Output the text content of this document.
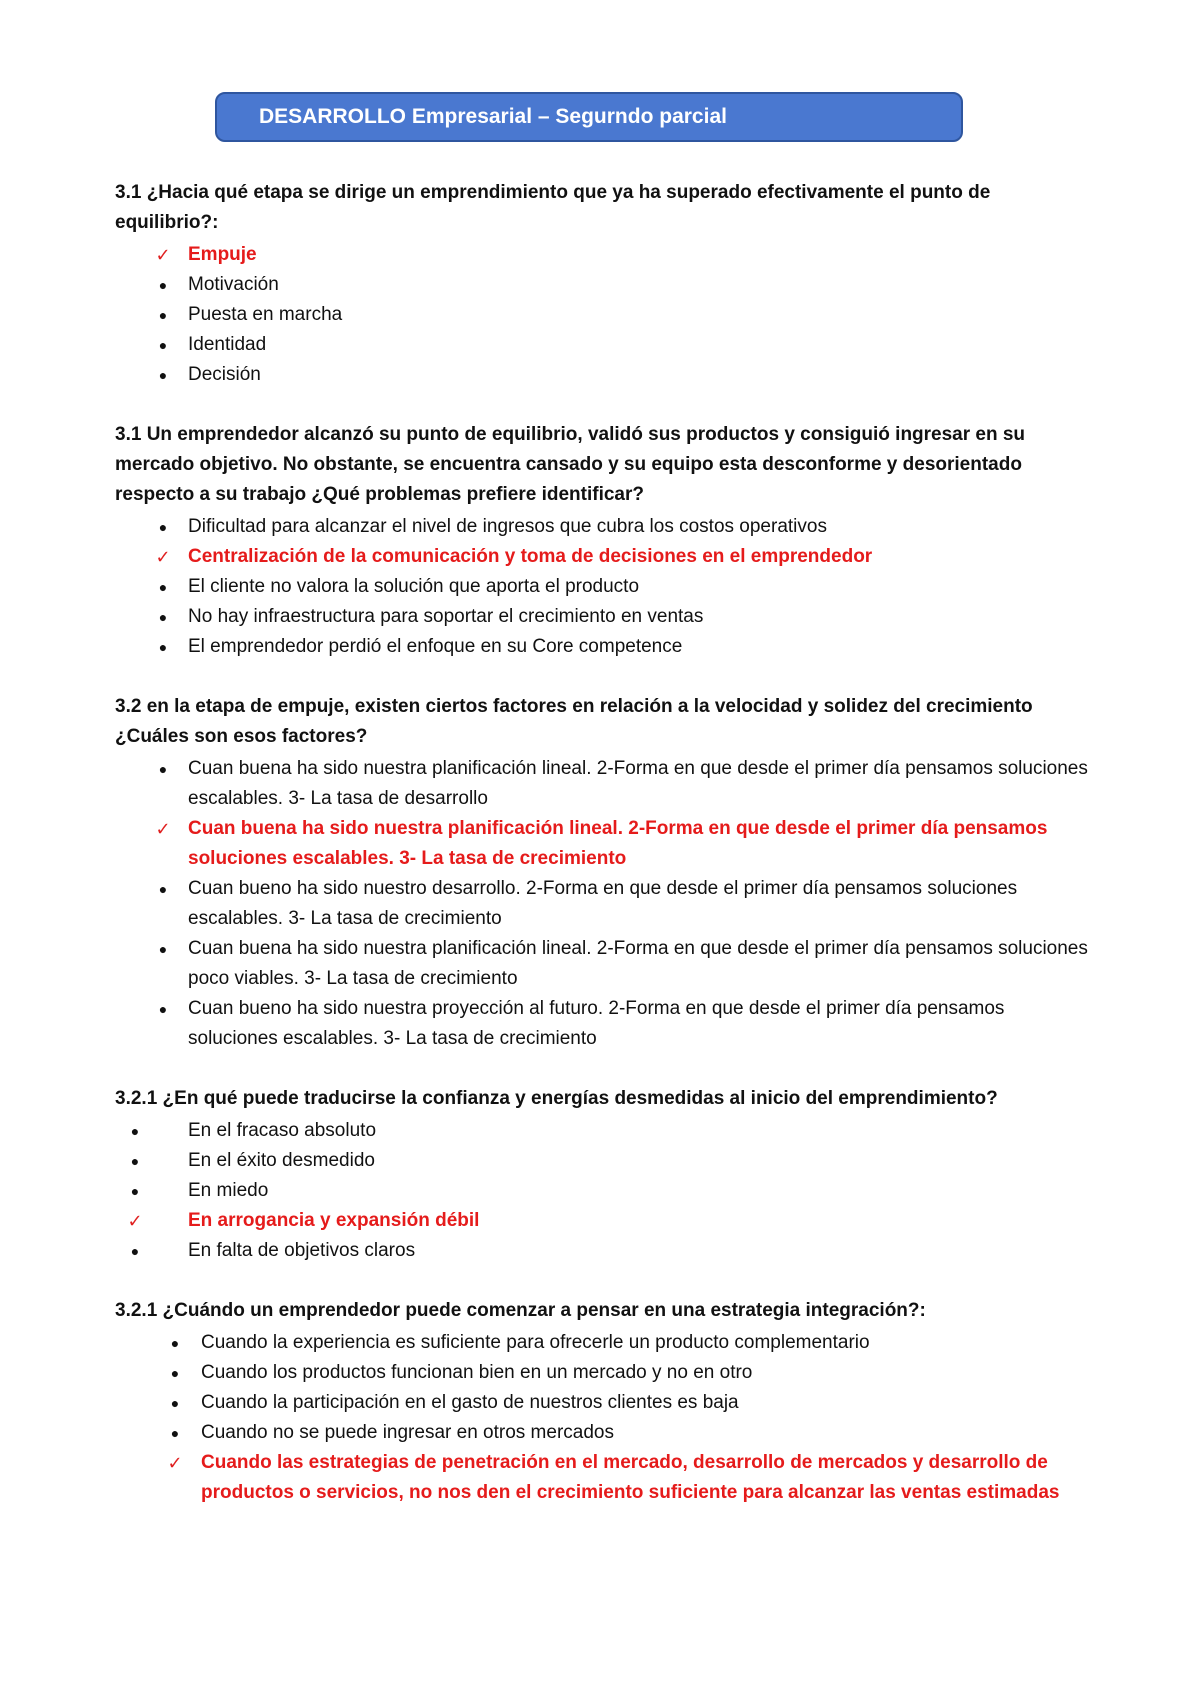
DESARROLLO Empresarial – Segurndo parcial

3.1 ¿Hacia qué etapa se dirige un emprendimiento que ya ha superado efectivamente el punto de equilibrio?:

✓ Empuje
●	Motivación
●	Puesta en marcha
●	Identidad
●	Decisión

3.1 Un emprendedor alcanzó su punto de equilibrio, validó sus productos y consiguió ingresar en su mercado objetivo. No obstante, se encuentra cansado y su equipo esta desconforme y desorientado respecto a su trabajo ¿Qué problemas prefiere identificar?

●	Dificultad para alcanzar el nivel de ingresos que cubra los costos operativos
✓ Centralización de la comunicación y toma de decisiones en el emprendedor
●	El cliente no valora la solución que aporta el producto
●	No hay infraestructura para soportar el crecimiento en ventas
●	El emprendedor perdió el enfoque en su Core competence

3.2 en la etapa de empuje, existen ciertos factores en relación a la velocidad y solidez del crecimiento ¿Cuáles son esos factores?

●	Cuan buena ha sido nuestra planificación lineal. 2-Forma en que desde el primer día pensamos soluciones escalables. 3- La tasa de desarrollo
✓ Cuan buena ha sido nuestra planificación lineal. 2-Forma en que desde el primer día pensamos soluciones escalables. 3- La tasa de crecimiento
●	Cuan bueno ha sido nuestro desarrollo. 2-Forma en que desde el primer día pensamos soluciones escalables. 3- La tasa de crecimiento
●	Cuan buena ha sido nuestra planificación lineal. 2-Forma en que desde el primer día pensamos soluciones poco viables. 3- La tasa de crecimiento
●	Cuan bueno ha sido nuestra proyección al futuro. 2-Forma en que desde el primer día pensamos soluciones escalables. 3- La tasa de crecimiento

3.2.1 ¿En qué puede traducirse la confianza y energías desmedidas al inicio del emprendimiento?

●	En el fracaso absoluto
●	En el éxito desmedido
●	En miedo
✓ En arrogancia y expansión débil
●	En falta de objetivos claros

3.2.1 ¿Cuándo un emprendedor puede comenzar a pensar en una estrategia integración?:

●	Cuando la experiencia es suficiente para ofrecerle un producto complementario
●	Cuando los productos funcionan bien en un mercado y no en otro
●	Cuando la participación en el gasto de nuestros clientes es baja
●	Cuando no se puede ingresar en otros mercados
✓ Cuando las estrategias de penetración en el mercado, desarrollo de mercados y desarrollo de productos o servicios, no nos den el crecimiento suficiente para alcanzar las ventas estimadas
